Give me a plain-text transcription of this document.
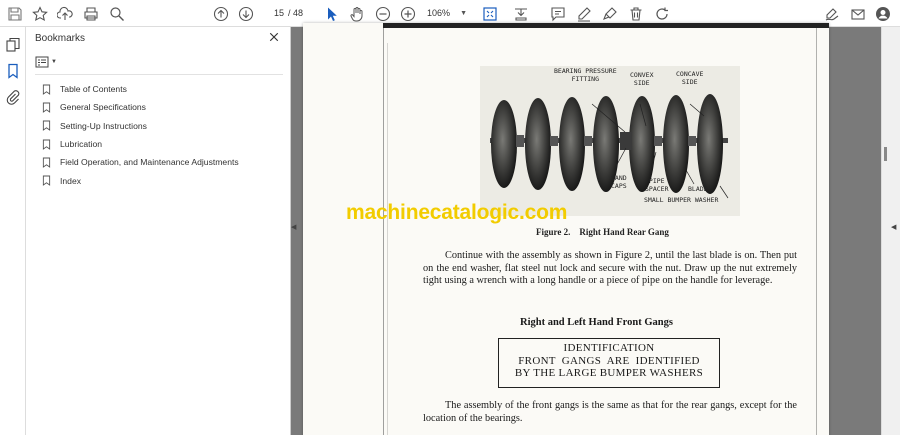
15 / 48	106% ▼
Bookmarks
▼
Table of Contents
General Specifications
Setting-Up Instructions
Lubrication
Field Operation, and Maintenance Adjustments
Index
◀
BEARING PRESSURE
FITTING	CONVEX
SIDE
CONCAVE
SIDE
SAND
CAPS
PIPE
SPACER	BLADE
SMALL BUMPER WASHER
Figure 2.    Right Hand Rear Gang
machinecatalogic.com
Continue with the assembly as shown in Figure 2, until the last blade is on. Then put on the end washer, flat steel nut lock and secure with the nut. Draw up the nut extremely tight using a wrench with a long handle or a piece of pipe on the handle for leverage.
Right and Left Hand Front Gangs
IDENTIFICATION
FRONT  GANGS  ARE  IDENTIFIED
BY THE LARGE BUMPER WASHERS
The assembly of the front gangs is the same as that for the rear gangs, except for the location of the bearings.
◀
